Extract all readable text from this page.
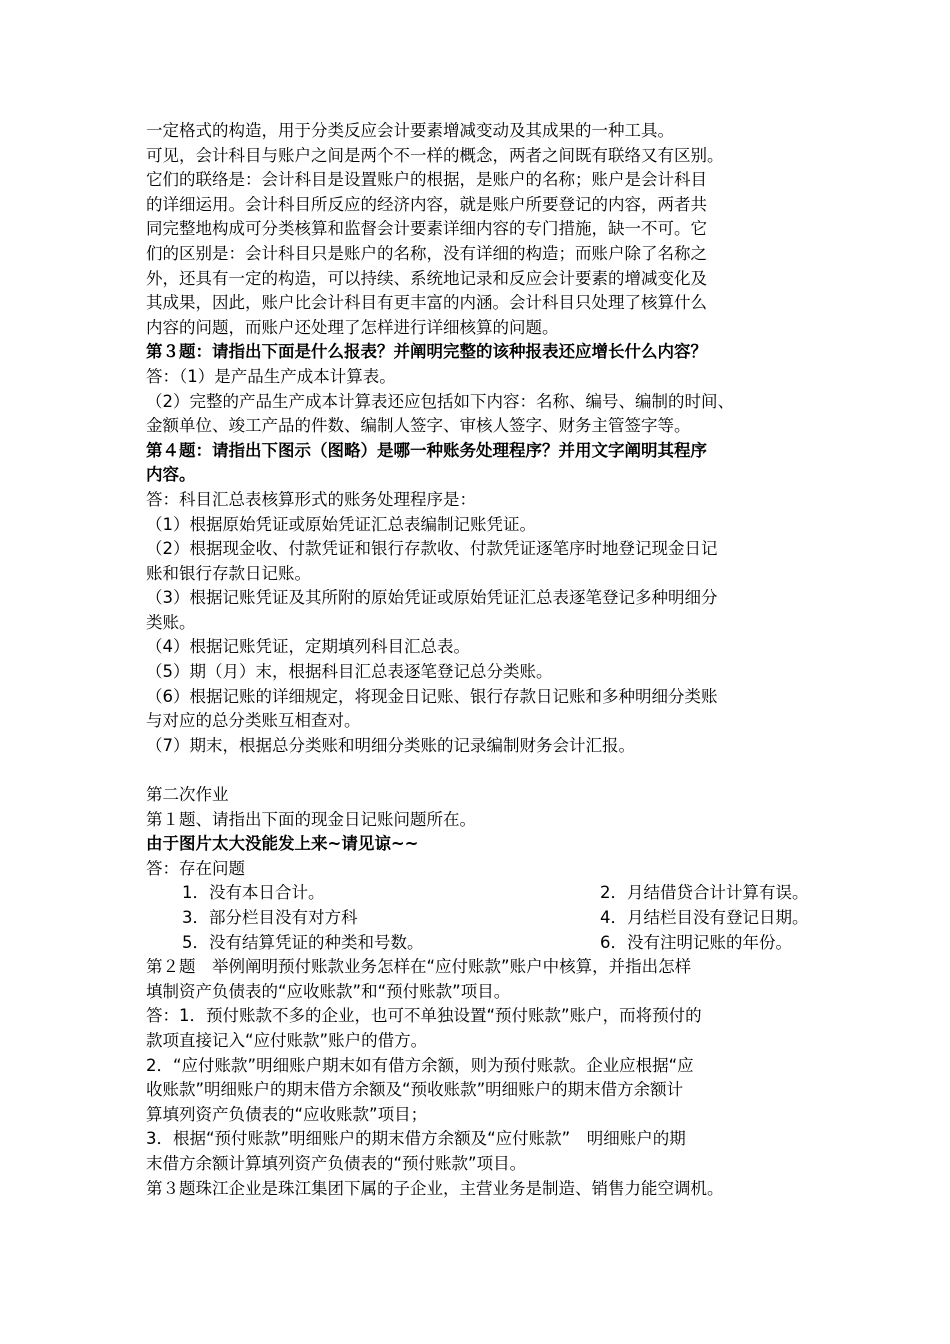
一定格式的构造，用于分类反应会计要素增减变动及其成果的一种工具。

可见，会计科目与账户之间是两个不一样的概念，两者之间既有联络又有区别。

它们的联络是：会计科目是设置账户的根据，是账户的名称；账户是会计科目

的详细运用。会计科目所反应的经济内容，就是账户所要登记的内容，两者共

同完整地构成可分类核算和监督会计要素详细内容的专门措施，缺一不可。它

们的区别是：会计科目只是账户的名称，没有详细的构造；而账户除了名称之

外，还具有一定的构造，可以持续、系统地记录和反应会计要素的增减变化及

其成果，因此，账户比会计科目有更丰富的内涵。会计科目只处理了核算什么

内容的问题，而账户还处理了怎样进行详细核算的问题。

第３题：请指出下面是什么报表？并阐明完整的该种报表还应增长什么内容？

答：（1）是产品生产成本计算表。

（2）完整的产品生产成本计算表还应包括如下内容：名称、编号、编制的时间、

金额单位、竣工产品的件数、编制人签字、审核人签字、财务主管签字等。

第４题：请指出下图示（图略）是哪一种账务处理程序？并用文字阐明其程序

内容。

答：科目汇总表核算形式的账务处理程序是：

（1）根据原始凭证或原始凭证汇总表编制记账凭证。

（2）根据现金收、付款凭证和银行存款收、付款凭证逐笔序时地登记现金日记

账和银行存款日记账。

（3）根据记账凭证及其所附的原始凭证或原始凭证汇总表逐笔登记多种明细分

类账。

（4）根据记账凭证，定期填列科目汇总表。

（5）期（月）末，根据科目汇总表逐笔登记总分类账。

（6）根据记账的详细规定，将现金日记账、银行存款日记账和多种明细分类账

与对应的总分类账互相查对。

（7）期末，根据总分类账和明细分类账的记录编制财务会计汇报。

第二次作业

第１题、请指出下面的现金日记账问题所在。

由于图片太大没能发上来~请见谅~~

答：存在问题

1．没有本日合计。	2．月结借贷合计计算有误。
3．部分栏目没有对方科	4．月结栏目没有登记日期。
5．没有结算凭证的种类和号数。	6．没有注明记账的年份。

第２题　举例阐明预付账款业务怎样在“应付账款”账户中核算，并指出怎样

填制资产负债表的“应收账款”和“预付账款”项目。

答：1．预付账款不多的企业，也可不单独设置“预付账款”账户，而将预付的

款项直接记入“应付账款”账户的借方。

2．“应付账款”明细账户期末如有借方余额，则为预付账款。企业应根据“应

收账款”明细账户的期末借方余额及“预收账款”明细账户的期末借方余额计

算填列资产负债表的“应收账款”项目；

3．根据“预付账款”明细账户的期末借方余额及“应付账款”　明细账户的期

末借方余额计算填列资产负债表的“预付账款”项目。

第３题珠江企业是珠江集团下属的子企业，主营业务是制造、销售力能空调机。
